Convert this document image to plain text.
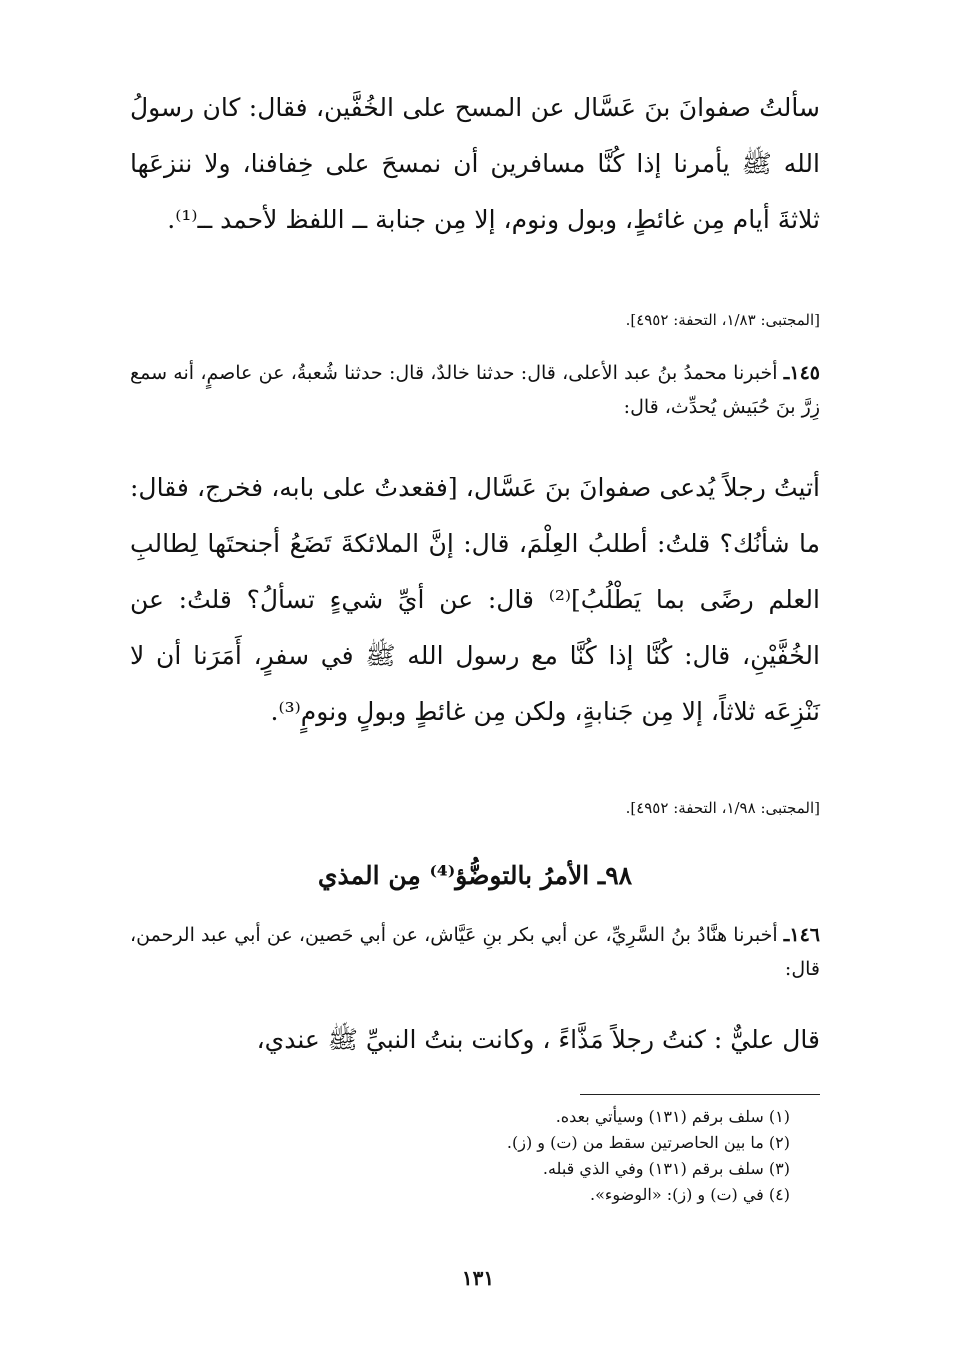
سألتُ صفوانَ بنَ عَسَّال عن المسح على الخُفَّين، فقال: كان رسولُ الله ﷺ يأمرنا إذا كُنَّا مسافرين أن نمسحَ على خِفافنا، ولا ننزعَها ثلاثةَ أيام مِن غائطٍ، وبول ونوم، إلا مِن جنابة ــ اللفظ لأحمد ــ⁽¹⁾.
[المجتبى: ١/٨٣، التحفة: ٤٩٥٢].
١٤٥ـ أخبرنا محمدُ بنُ عبد الأعلى، قال: حدثنا خالدٌ، قال: حدثنا شُعبةُ، عن عاصمٍ، أنه سمع زِرَّ بنَ حُبَيش يُحدِّث، قال:
أتيتُ رجلاً يُدعى صفوانَ بنَ عَسَّال، [فقعدتُ على بابه، فخرج، فقال: ما شأنُك؟ قلتُ: أطلبُ العِلْمَ، قال: إنَّ الملائكةَ تَضَعُ أجنحتَها لِطالبِ العلم رضًى بما يَطْلُبُ]⁽²⁾ قال: عن أيِّ شيءٍ تسألُ؟ قلتُ: عن الخُفَّيْنِ، قال: كُنَّا إذا كُنَّا مع رسول الله ﷺ في سفرٍ، أَمَرَنا أن لا نَنْزِعَه ثلاثاً، إلا مِن جَنابةٍ، ولكن مِن غائطٍ وبولٍ ونومٍ⁽³⁾.
[المجتبى: ١/٩٨، التحفة: ٤٩٥٢].
٩٨ـ الأمرُ بالتوضُّؤ⁽⁴⁾ مِن المذي
١٤٦ـ أخبرنا هنَّادُ بنُ السَّرِيِّ، عن أبي بكر بنِ عَيَّاش، عن أبي حَصين، عن أبي عبد الرحمن، قال:
قال عليٌّ : كنتُ رجلاً مَذَّاءً ، وكانت بنتُ النبيِّ ﷺ عندي،
(١) سلف برقم (١٣١) وسيأتي بعده.
(٢) ما بين الحاصرتين سقط من (ت) و (ز).
(٣) سلف برقم (١٣١) وفي الذي قبله.
(٤) في (ت) و (ز): «الوضوء».
١٣١
